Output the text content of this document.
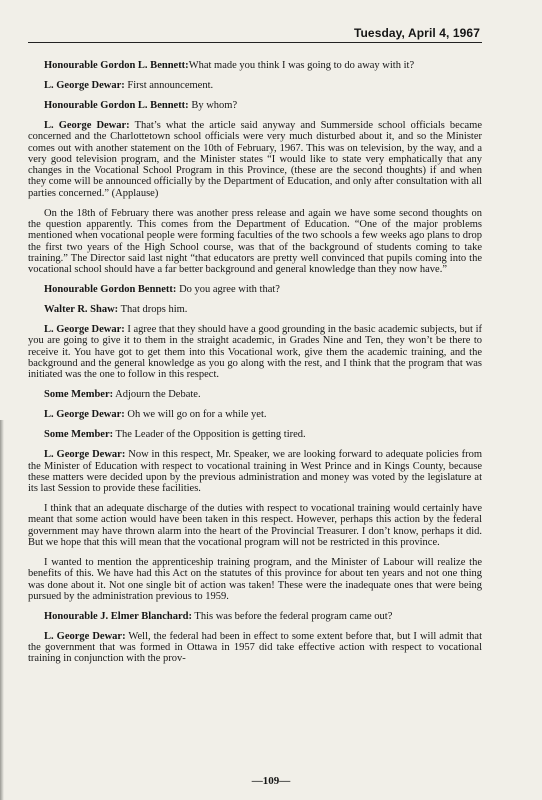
Tuesday, April 4, 1967

Honourable Gordon L. Bennett:What made you think I was going to do away with it?

L. George Dewar: First announcement.

Honourable Gordon L. Bennett: By whom?

L. George Dewar: That’s what the article said anyway and Summerside school officials became concerned and the Charlottetown school officials were very much disturbed about it, and so the Minister comes out with another statement on the 10th of February, 1967. This was on television, by the way, and a very good television program, and the Minister states “I would like to state very emphatically that any changes in the Vocational School Program in this Province, (these are the second thoughts) if and when they come will be announced officially by the Department of Education, and only after consultation with all parties concerned.” (Applause)

On the 18th of February there was another press release and again we have some second thoughts on the question apparently. This comes from the Department of Education. “One of the major problems mentioned when vocational people were forming faculties of the two schools a few weeks ago plans to drop the first two years of the High School course, was that of the background of students coming to take training.” The Director said last night “that educators are pretty well convinced that pupils coming into the vocational school should have a far better background and general knowledge than they now have.”

Honourable Gordon Bennett: Do you agree with that?

Walter R. Shaw: That drops him.

L. George Dewar: I agree that they should have a good grounding in the basic academic subjects, but if you are going to give it to them in the straight academic, in Grades Nine and Ten, they won’t be there to receive it. You have got to get them into this Vocational work, give them the academic training, and the background and the general knowledge as you go along with the rest, and I think that the program that was initiated was the one to follow in this respect.

Some Member: Adjourn the Debate.

L. George Dewar: Oh we will go on for a while yet.

Some Member: The Leader of the Opposition is getting tired.

L. George Dewar: Now in this respect, Mr. Speaker, we are looking forward to adequate policies from the Minister of Education with respect to vocational training in West Prince and in Kings County, because these matters were decided upon by the previous administration and money was voted by the legislature at its last Session to provide these facilities.

I think that an adequate discharge of the duties with respect to vocational training would certainly have meant that some action would have been taken in this respect. However, perhaps this action by the federal government may have thrown alarm into the heart of the Provincial Treasurer. I don’t know, perhaps it did. But we hope that this will mean that the vocational program will not be restricted in this province.

I wanted to mention the apprenticeship training program, and the Minister of Labour will realize the benefits of this. We have had this Act on the statutes of this province for about ten years and not one thing was done about it. Not one single bit of action was taken! These were the inadequate ones that were being pursued by the administration previous to 1959.

Honourable J. Elmer Blanchard: This was before the federal program came out?

L. George Dewar: Well, the federal had been in effect to some extent before that, but I will admit that the government that was formed in Ottawa in 1957 did take effective action with respect to vocational training in conjunction with the prov-

—109—
